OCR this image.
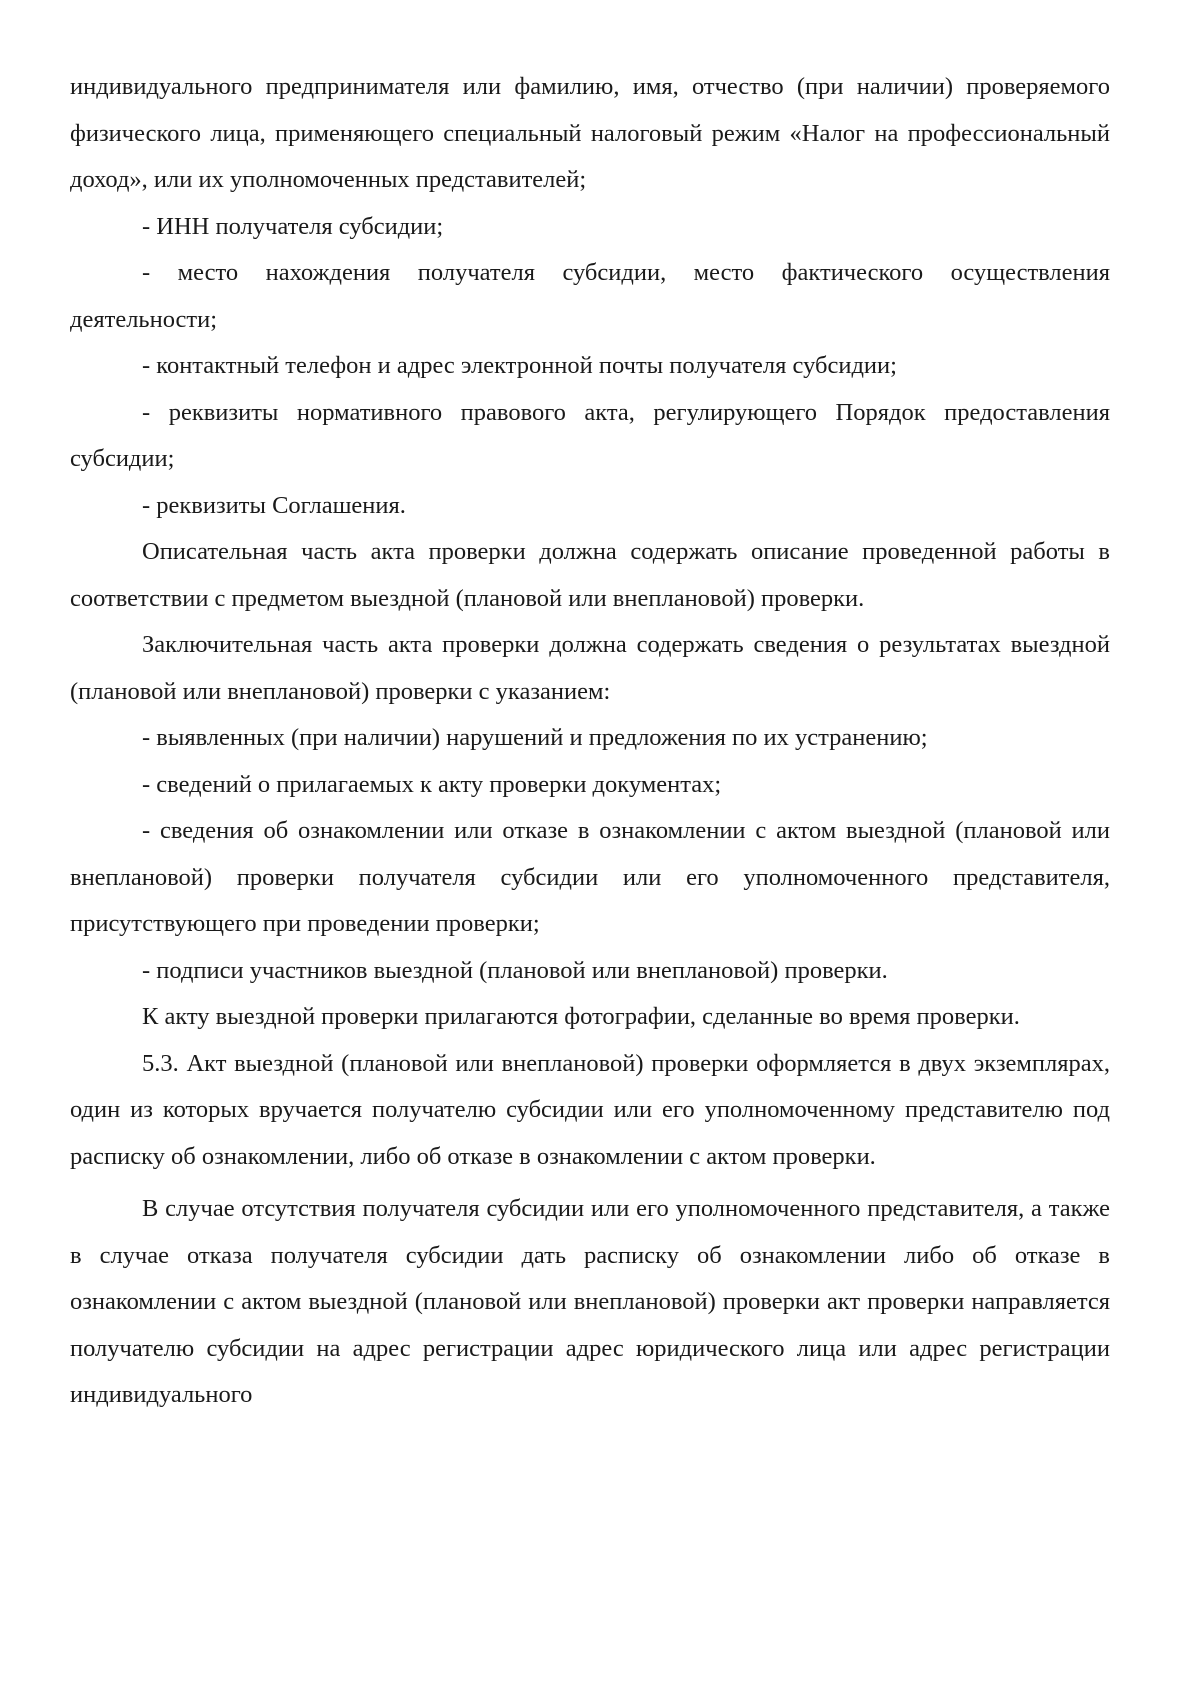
индивидуального предпринимателя или фамилию, имя, отчество (при наличии) проверяемого физического лица, применяющего специальный налоговый режим «Налог на профессиональный доход», или их уполномоченных представителей;

- ИНН получателя субсидии;

- место нахождения получателя субсидии, место фактического осуществления деятельности;

- контактный телефон и адрес электронной почты получателя субсидии;

- реквизиты нормативного правового акта, регулирующего Порядок предоставления субсидии;

- реквизиты Соглашения.

Описательная часть акта проверки должна содержать описание проведенной работы в соответствии с предметом выездной (плановой или внеплановой) проверки.

Заключительная часть акта проверки должна содержать сведения о результатах выездной (плановой или внеплановой) проверки с указанием:

- выявленных (при наличии) нарушений и предложения по их устранению;

- сведений о прилагаемых к акту проверки документах;

- сведения об ознакомлении или отказе в ознакомлении с актом выездной (плановой или внеплановой) проверки получателя субсидии или его уполномоченного представителя, присутствующего при проведении проверки;

- подписи участников выездной (плановой или внеплановой) проверки.

К акту выездной проверки прилагаются фотографии, сделанные во время проверки.

5.3. Акт выездной (плановой или внеплановой) проверки оформляется в двух экземплярах, один из которых вручается получателю субсидии или его уполномоченному представителю под расписку об ознакомлении, либо об отказе в ознакомлении с актом проверки.

В случае отсутствия получателя субсидии или его уполномоченного представителя, а также в случае отказа получателя субсидии дать расписку об ознакомлении либо об отказе в ознакомлении с актом выездной (плановой или внеплановой) проверки акт проверки направляется получателю субсидии на адрес регистрации адрес юридического лица или адрес регистрации индивидуального
